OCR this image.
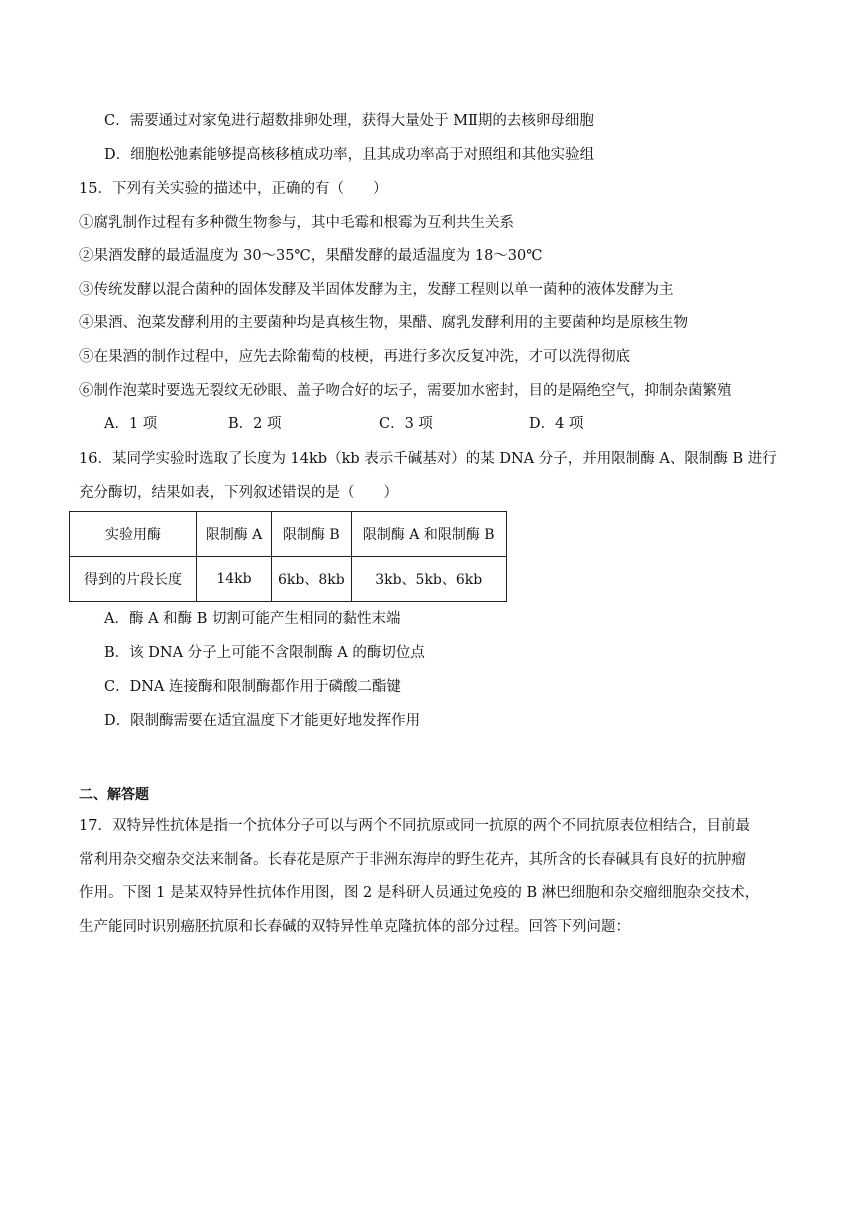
C．需要通过对家兔进行超数排卵处理，获得大量处于 MⅡ期的去核卵母细胞
D．细胞松弛素能够提高核移植成功率，且其成功率高于对照组和其他实验组
15．下列有关实验的描述中，正确的有（　　）
①腐乳制作过程有多种微生物参与，其中毛霉和根霉为互利共生关系
②果酒发酵的最适温度为 30～35℃，果醋发酵的最适温度为 18～30℃
③传统发酵以混合菌种的固体发酵及半固体发酵为主，发酵工程则以单一菌种的液体发酵为主
④果酒、泡菜发酵利用的主要菌种均是真核生物，果醋、腐乳发酵利用的主要菌种均是原核生物
⑤在果酒的制作过程中，应先去除葡萄的枝梗，再进行多次反复冲洗，才可以洗得彻底
⑥制作泡菜时要选无裂纹无砂眼、盖子吻合好的坛子，需要加水密封，目的是隔绝空气，抑制杂菌繁殖
A．1 项	B．2 项	C．3 项	D．4 项
16．某同学实验时选取了长度为 14kb（kb 表示千碱基对）的某 DNA 分子，并用限制酶 A、限制酶 B 进行
充分酶切，结果如表，下列叙述错误的是（　　）
实验用酶	限制酶 A	限制酶 B	限制酶 A 和限制酶 B
得到的片段长度	14kb	6kb、8kb	3kb、5kb、6kb
A．酶 A 和酶 B 切割可能产生相同的黏性末端
B．该 DNA 分子上可能不含限制酶 A 的酶切位点
C．DNA 连接酶和限制酶都作用于磷酸二酯键
D．限制酶需要在适宜温度下才能更好地发挥作用
二、解答题
17．双特异性抗体是指一个抗体分子可以与两个不同抗原或同一抗原的两个不同抗原表位相结合，目前最
常利用杂交瘤杂交法来制备。长春花是原产于非洲东海岸的野生花卉，其所含的长春碱具有良好的抗肿瘤
作用。下图 1 是某双特异性抗体作用图，图 2 是科研人员通过免疫的 B 淋巴细胞和杂交瘤细胞杂交技术，
生产能同时识别癌胚抗原和长春碱的双特异性单克隆抗体的部分过程。回答下列问题：
